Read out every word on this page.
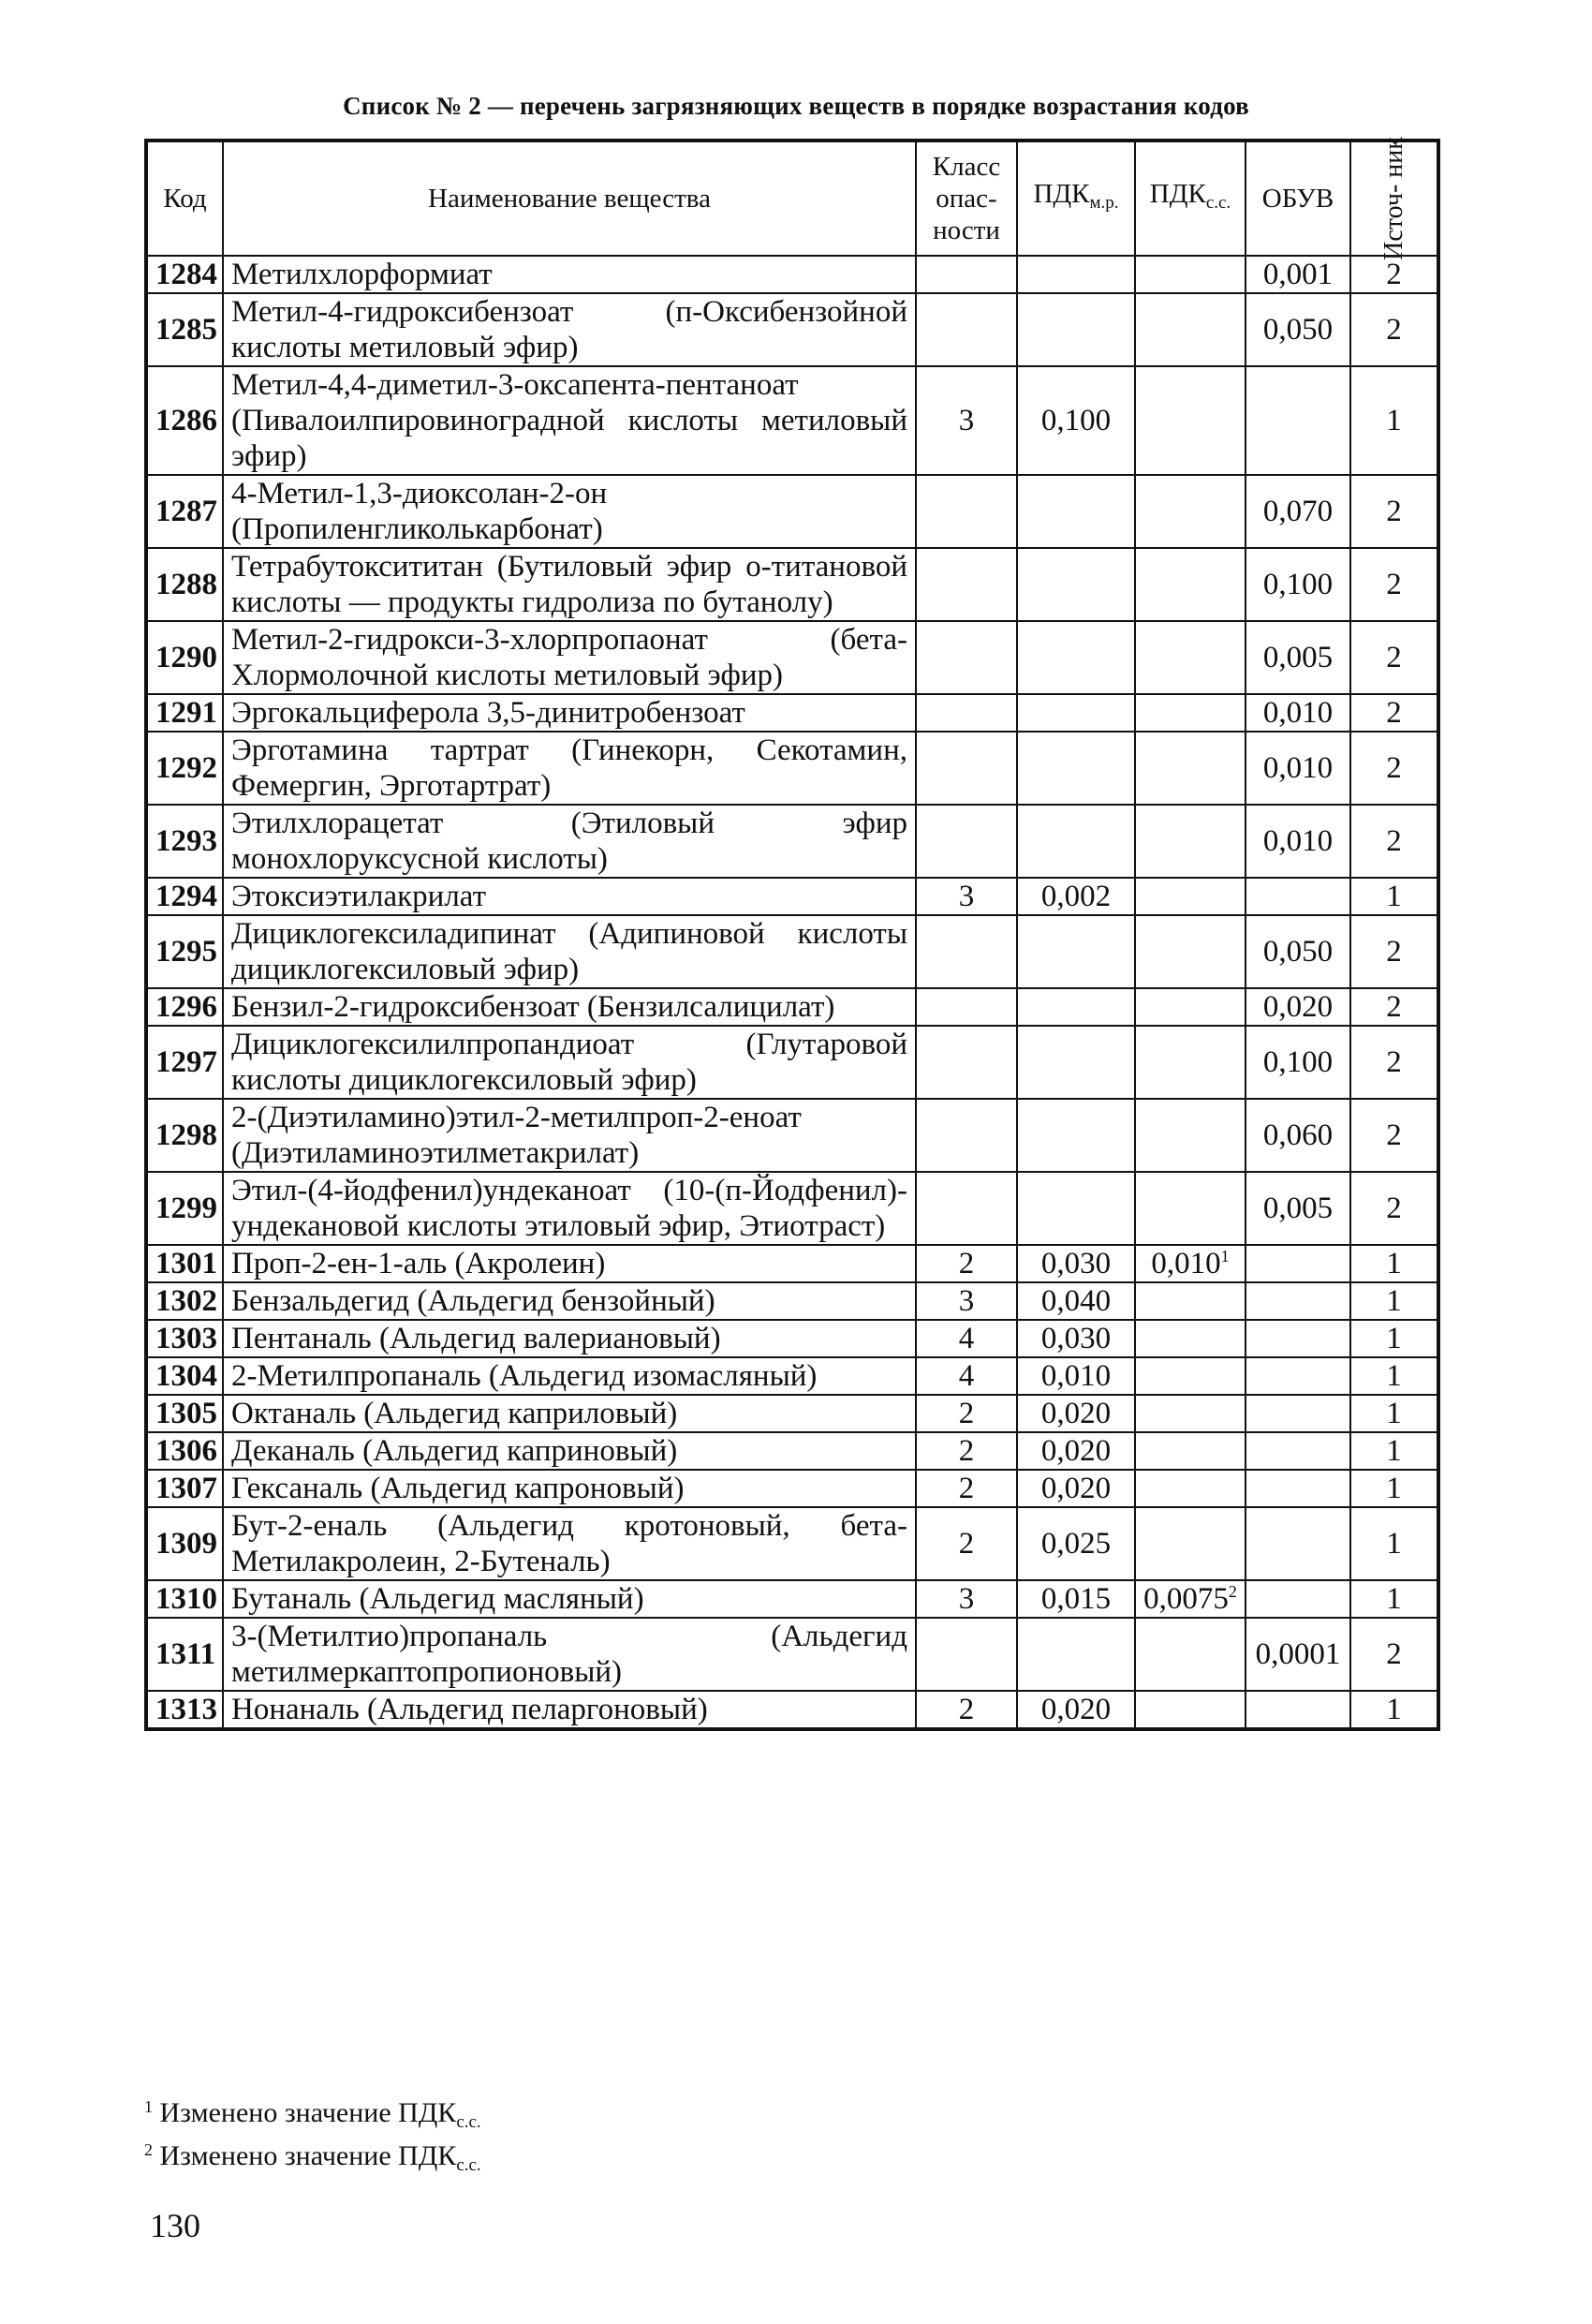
Список № 2 — перечень загрязняющих веществ в порядке возрастания кодов
Код	Наименование вещества	Класс опас- ности	$ПДК_{м.р.}$	$ПДК_{с.с.}$	ОБУВ	Источ- ник

1284	Метилхлорформиат				0,001	2
1285	Метил-4-гидроксибензоат (п-Оксибензойной кислоты метиловый эфир)				0,050	2
1286	Метил-4,4-диметил-3-оксапента-пентаноат (Пивалоилпировиноградной кислоты метиловый эфир)	3	0,100			1
1287	4-Метил-1,3-диоксолан-2-он (Пропиленгликолькарбонат)				0,070	2
1288	Тетрабутоксититан (Бутиловый эфир о-титановой кислоты — продукты гидролиза по бутанолу)				0,100	2
1290	Метил-2-гидрокси-3-хлорпропаонат (бета-Хлормолочной кислоты метиловый эфир)				0,005	2
1291	Эргокальциферола 3,5-динитробензоат				0,010	2
1292	Эрготамина тартрат (Гинекорн, Секотамин, Фемергин, Эрготартрат)				0,010	2
1293	Этилхлорацетат (Этиловый эфир монохлоруксусной кислоты)				0,010	2
1294	Этоксиэтилакрилат	3	0,002			1
1295	Дициклогексиладипинат (Адипиновой кислоты дициклогексиловый эфир)				0,050	2
1296	Бензил-2-гидроксибензоат (Бензилсалицилат)				0,020	2
1297	Дициклогексилилпропандиоат (Глутаровой кислоты дициклогексиловый эфир)				0,100	2
1298	2-(Диэтиламино)этил-2-метилпроп-2-еноат (Диэтиламиноэтилметакрилат)				0,060	2
1299	Этил-(4-йодфенил)ундеканоат (10-(п-Йодфенил)-ундекановой кислоты этиловый эфир, Этиотраст)				0,005	2
1301	Проп-2-ен-1-аль (Акролеин)	2	0,030	0,010$^1$		1
1302	Бензальдегид (Альдегид бензойный)	3	0,040			1
1303	Пентаналь (Альдегид валериановый)	4	0,030			1
1304	2-Метилпропаналь (Альдегид изомасляный)	4	0,010			1
1305	Октаналь (Альдегид каприловый)	2	0,020			1
1306	Деканаль (Альдегид каприновый)	2	0,020			1
1307	Гексаналь (Альдегид капроновый)	2	0,020			1
1309	Бут-2-еналь (Альдегид кротоновый, бета-Метилакролеин, 2-Бутеналь)	2	0,025			1
1310	Бутаналь (Альдегид масляный)	3	0,015	0,0075$^2$		1
1311	3-(Метилтио)пропаналь (Альдегид метилмеркаптопропионовый)				0,0001	2
1313	Нонаналь (Альдегид пеларгоновый)	2	0,020			1
$^1$ Изменено значение $ПДК_{с.с.}$
$^2$ Изменено значение $ПДК_{с.с.}$
130
